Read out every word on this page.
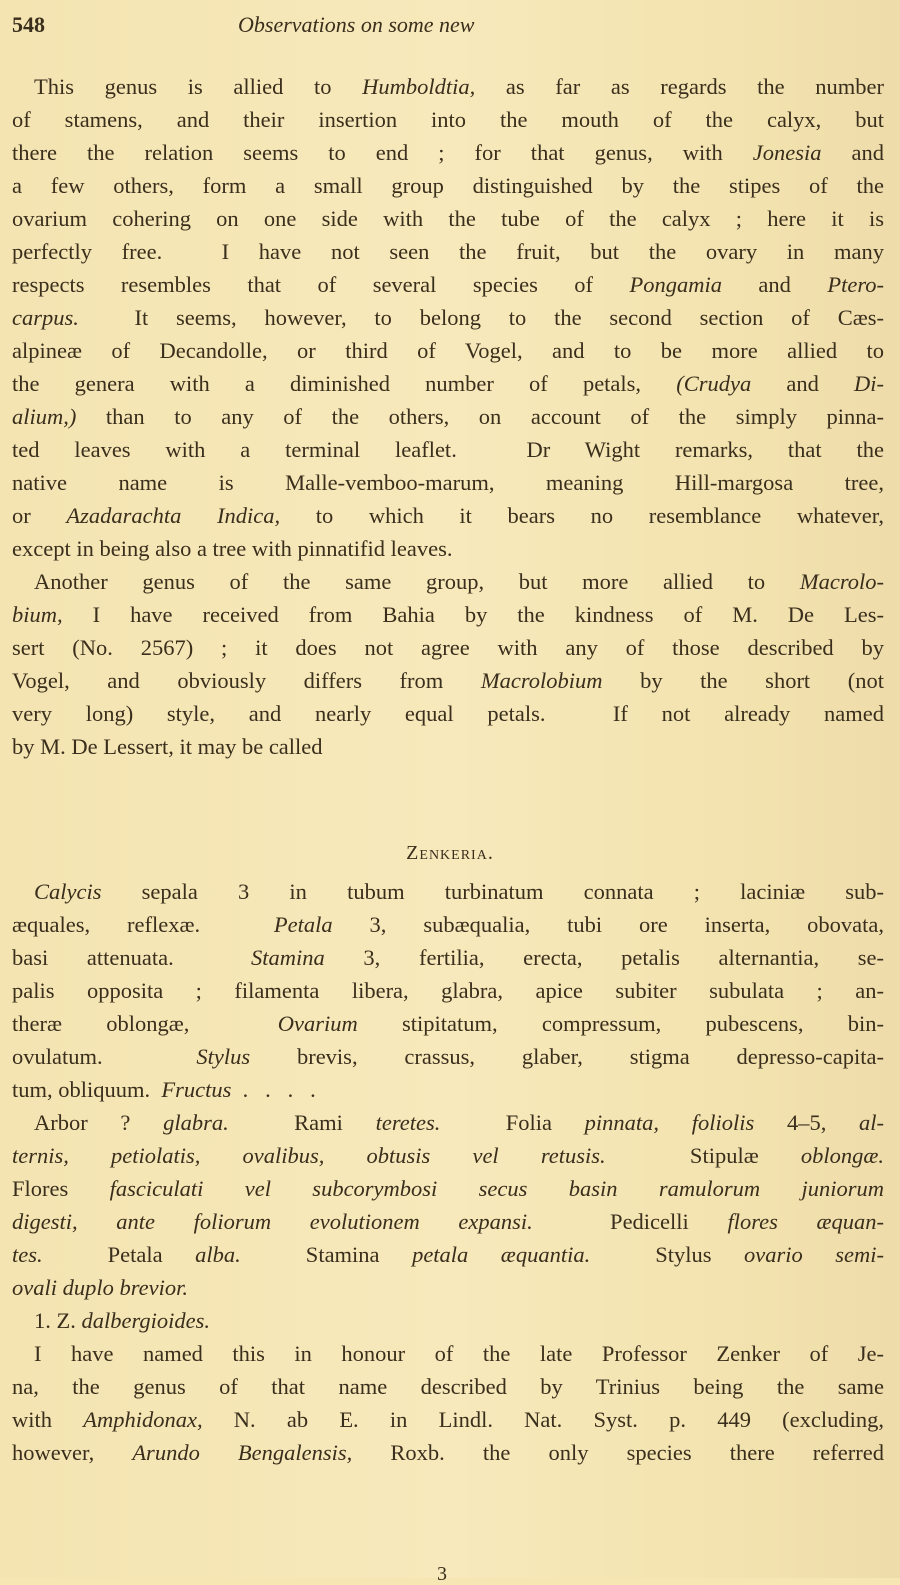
548	Observations on some new
This genus is allied to Humboldtia, as far as regards the number
of stamens, and their insertion into the mouth of the calyx, but
there the relation seems to end ; for that genus, with Jonesia and
a few others, form a small group distinguished by the stipes of the
ovarium cohering on one side with the tube of the calyx ; here it is
perfectly free.  I have not seen the fruit, but the ovary in many
respects resembles that of several species of Pongamia and Ptero-
carpus.  It seems, however, to belong to the second section of Cæs-
alpineæ of Decandolle, or third of Vogel, and to be more allied to
the genera with a diminished number of petals, (Crudya and Di-
alium,) than to any of the others, on account of the simply pinna-
ted leaves with a terminal leaflet.  Dr Wight remarks, that the
native name is Malle-vemboo-marum, meaning Hill-margosa tree,
or Azadarachta Indica, to which it bears no resemblance whatever,
except in being also a tree with pinnatifid leaves.
Another genus of the same group, but more allied to Macrolo-
bium, I have received from Bahia by the kindness of M. De Les-
sert (No. 2567) ; it does not agree with any of those described by
Vogel, and obviously differs from Macrolobium by the short (not
very long) style, and nearly equal petals.  If not already named
by M. De Lessert, it may be called
Zenkeria.
Calycis sepala 3 in tubum turbinatum connata ; laciniæ sub-
æquales, reflexæ.  Petala 3, subæqualia, tubi ore inserta, obovata,
basi attenuata.  Stamina 3, fertilia, erecta, petalis alternantia, se-
palis opposita ; filamenta libera, glabra, apice subiter subulata ; an-
theræ oblongæ,  Ovarium stipitatum, compressum, pubescens, bin-
ovulatum.  Stylus brevis, crassus, glaber, stigma depresso-capita-
tum, obliquum.  Fructus  .   .   .   .
Arbor ? glabra.  Rami teretes.  Folia pinnata, foliolis 4–5, al-
ternis, petiolatis, ovalibus, obtusis vel retusis.  Stipulæ oblongæ.
Flores fasciculati vel subcorymbosi secus basin ramulorum juniorum
digesti, ante foliorum evolutionem expansi.  Pedicelli flores æquan-
tes.  Petala alba.  Stamina petala æquantia.  Stylus ovario semi-
ovali duplo brevior.
1. Z. dalbergioides.
I have named this in honour of the late Professor Zenker of Je-
na, the genus of that name described by Trinius being the same
with Amphidonax, N. ab E. in Lindl. Nat. Syst. p. 449 (excluding,
however, Arundo Bengalensis, Roxb. the only species there referred
3
